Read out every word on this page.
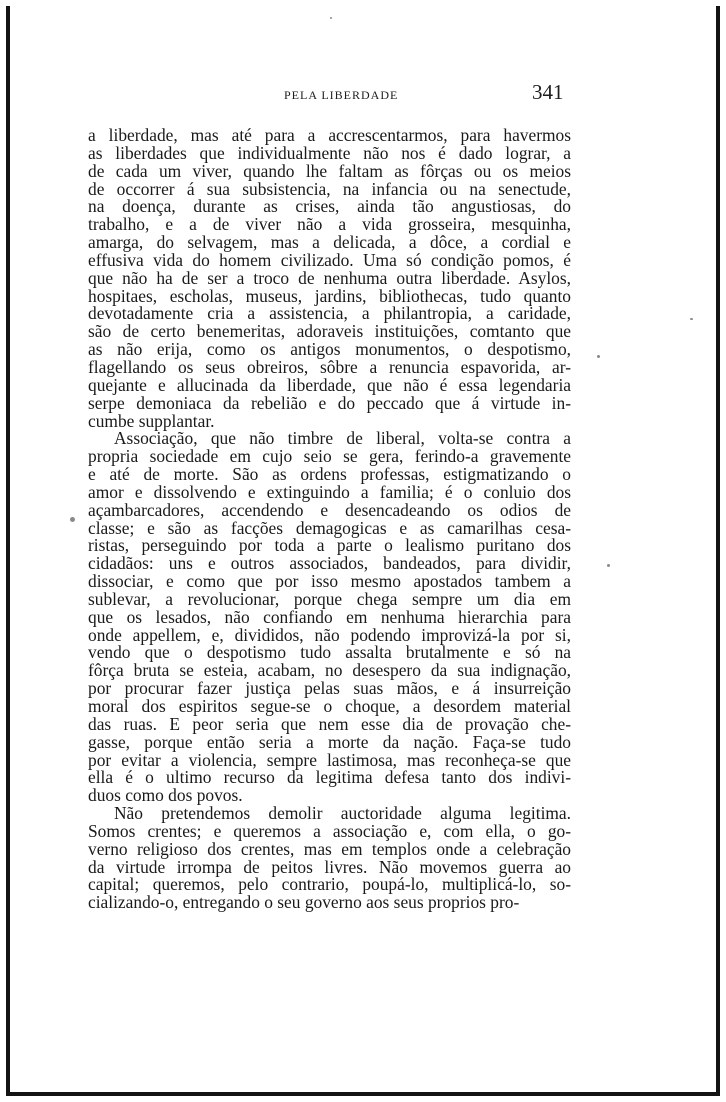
PELA LIBERDADE	341
a liberdade, mas até para a accrescentarmos, para havermos
as liberdades que individualmente não nos é dado lograr, a
de cada um viver, quando lhe faltam as fôrças ou os meios
de occorrer á sua subsistencia, na infancia ou na senectude,
na doença, durante as crises, ainda tão angustiosas, do
trabalho, e a de viver não a vida grosseira, mesquinha,
amarga, do selvagem, mas a delicada, a dôce, a cordial e
effusiva vida do homem civilizado. Uma só condição pomos, é
que não ha de ser a troco de nenhuma outra liberdade. Asylos,
hospitaes, escholas, museus, jardins, bibliothecas, tudo quanto
devotadamente cria a assistencia, a philantropia, a caridade,
são de certo benemeritas, adoraveis instituições, comtanto que
as não erija, como os antigos monumentos, o despotismo,
flagellando os seus obreiros, sôbre a renuncia espavorida, ar-
quejante e allucinada da liberdade, que não é essa legendaria
serpe demoniaca da rebelião e do peccado que á virtude in-
cumbe supplantar.
Associação, que não timbre de liberal, volta-se contra a
propria sociedade em cujo seio se gera, ferindo-a gravemente
e até de morte. São as ordens professas, estigmatizando o
amor e dissolvendo e extinguindo a familia; é o conluio dos
açambarcadores, accendendo e desencadeando os odios de
classe; e são as facções demagogicas e as camarilhas cesa-
ristas, perseguindo por toda a parte o lealismo puritano dos
cidadãos: uns e outros associados, bandeados, para dividir,
dissociar, e como que por isso mesmo apostados tambem a
sublevar, a revolucionar, porque chega sempre um dia em
que os lesados, não confiando em nenhuma hierarchia para
onde appellem, e, divididos, não podendo improvizá-la por si,
vendo que o despotismo tudo assalta brutalmente e só na
fôrça bruta se esteia, acabam, no desespero da sua indignação,
por procurar fazer justiça pelas suas mãos, e á insurreição
moral dos espiritos segue-se o choque, a desordem material
das ruas. E peor seria que nem esse dia de provação che-
gasse, porque então seria a morte da nação. Faça-se tudo
por evitar a violencia, sempre lastimosa, mas reconheça-se que
ella é o ultimo recurso da legitima defesa tanto dos indivi-
duos como dos povos.
Não pretendemos demolir auctoridade alguma legitima.
Somos crentes; e queremos a associação e, com ella, o go-
verno religioso dos crentes, mas em templos onde a celebração
da virtude irrompa de peitos livres. Não movemos guerra ao
capital; queremos, pelo contrario, poupá-lo, multiplicá-lo, so-
cializando-o, entregando o seu governo aos seus proprios pro-
